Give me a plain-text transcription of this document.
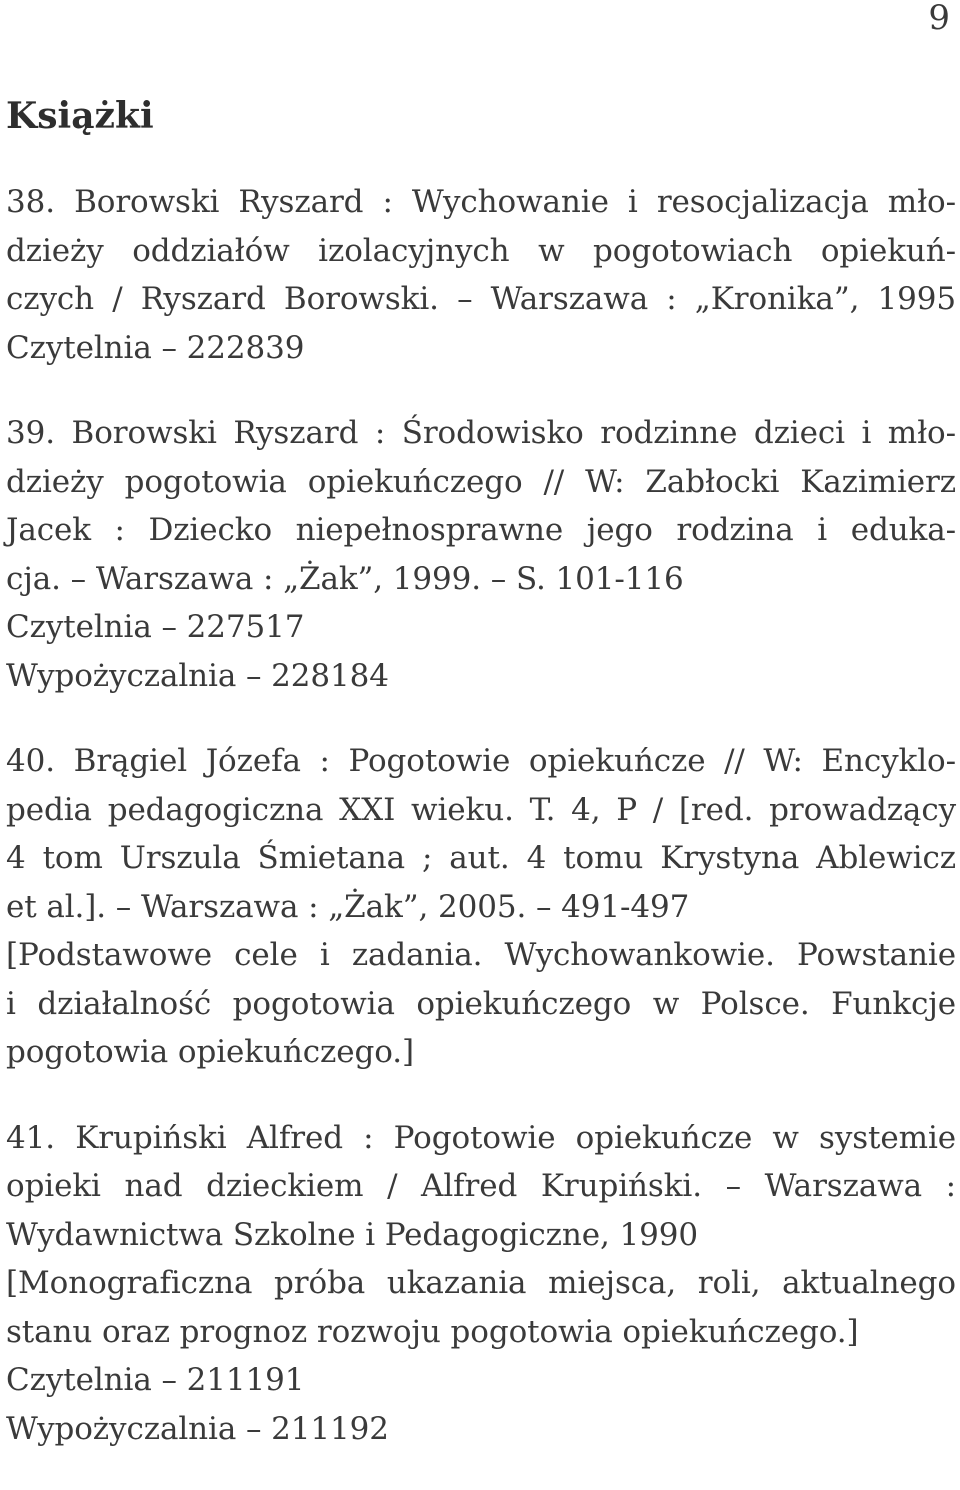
9
Książki
38. Borowski Ryszard : Wychowanie i resocjalizacja mło-
dzieży oddziałów izolacyjnych w pogotowiach opiekuń-
czych / Ryszard Borowski. – Warszawa : „Kronika”, 1995
Czytelnia – 222839
39. Borowski Ryszard : Środowisko rodzinne dzieci i mło-
dzieży pogotowia opiekuńczego // W: Zabłocki Kazimierz
Jacek : Dziecko niepełnosprawne jego rodzina i eduka-
cja. – Warszawa : „Żak”, 1999. – S. 101-116
Czytelnia – 227517
Wypożyczalnia – 228184
40. Brągiel Józefa : Pogotowie opiekuńcze // W: Encyklo-
pedia pedagogiczna XXI wieku. T. 4, P / [red. prowadzący
4 tom Urszula Śmietana ; aut. 4 tomu Krystyna Ablewicz
et al.]. – Warszawa : „Żak”, 2005. – 491-497
[Podstawowe cele i zadania. Wychowankowie. Powstanie
i działalność pogotowia opiekuńczego w Polsce. Funkcje
pogotowia opiekuńczego.]
41. Krupiński Alfred : Pogotowie opiekuńcze w systemie
opieki nad dzieckiem / Alfred Krupiński. – Warszawa :
Wydawnictwa Szkolne i Pedagogiczne, 1990
[Monograficzna próba ukazania miejsca, roli, aktualnego
stanu oraz prognoz rozwoju pogotowia opiekuńczego.]
Czytelnia – 211191
Wypożyczalnia – 211192
